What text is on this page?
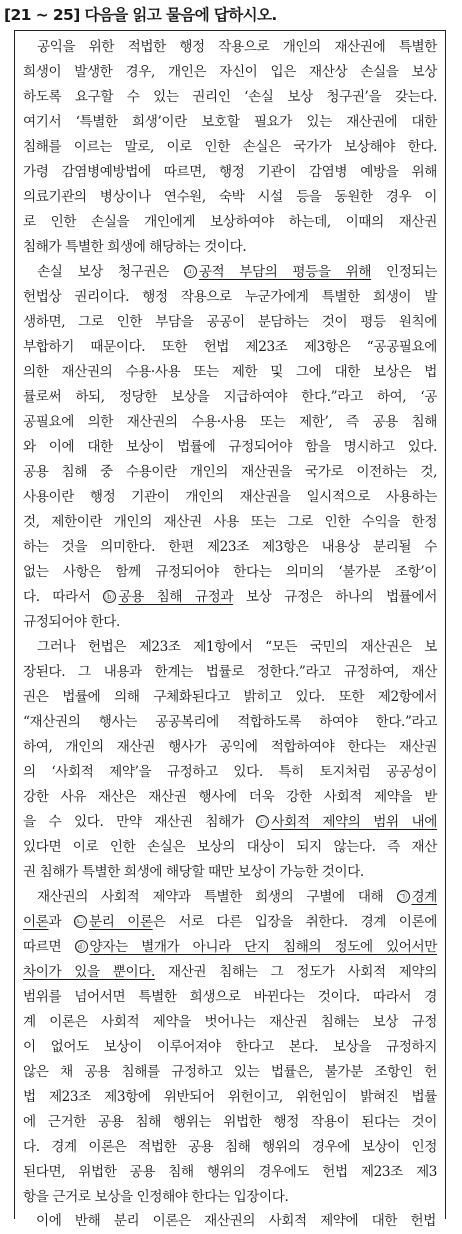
[21 ~ 25] 다음을 읽고 물음에 답하시오.
공익을 위한 적법한 행정 작용으로 개인의 재산권에 특별한
희생이 발생한 경우, 개인은 자신이 입은 재산상 손실을 보상
하도록 요구할 수 있는 권리인 ‘손실 보상 청구권’을 갖는다.
여기서 ‘특별한 희생’이란 보호할 필요가 있는 재산권에 대한
침해를 이르는 말로, 이로 인한 손실은 국가가 보상해야 한다.
가령 감염병예방법에 따르면, 행정 기관이 감염병 예방을 위해
의료기관의 병상이나 연수원, 숙박 시설 등을 동원한 경우 이
로 인한 손실을 개인에게 보상하여야 하는데, 이때의 재산권
침해가 특별한 희생에 해당하는 것이다.
손실 보상 청구권은 ⓐ 공적 부담의 평등을 위해 인정되는
헌법상 권리이다. 행정 작용으로 누군가에게 특별한 희생이 발
생하면, 그로 인한 부담을 공공이 분담하는 것이 평등 원칙에
부합하기 때문이다. 또한 헌법 제23조 제3항은 “공공필요에
의한 재산권의 수용·사용 또는 제한 및 그에 대한 보상은 법
률로써 하되, 정당한 보상을 지급하여야 한다.”라고 하여, ‘공
공필요에 의한 재산권의 수용·사용 또는 제한’, 즉 공용 침해
와 이에 대한 보상이 법률에 규정되어야 함을 명시하고 있다.
공용 침해 중 수용이란 개인의 재산권을 국가로 이전하는 것,
사용이란 행정 기관이 개인의 재산권을 일시적으로 사용하는
것, 제한이란 개인의 재산권 사용 또는 그로 인한 수익을 한정
하는 것을 의미한다. 한편 제23조 제3항은 내용상 분리될 수
없는 사항은 함께 규정되어야 한다는 의미의 ‘불가분 조항’이
다. 따라서 ⓑ 공용 침해 규정과 보상 규정은 하나의 법률에서
규정되어야 한다.
그러나 헌법은 제23조 제1항에서 “모든 국민의 재산권은 보
장된다. 그 내용과 한계는 법률로 정한다.”라고 규정하여, 재산
권은 법률에 의해 구체화된다고 밝히고 있다. 또한 제2항에서
“재산권의 행사는 공공복리에 적합하도록 하여야 한다.”라고
하여, 개인의 재산권 행사가 공익에 적합하여야 한다는 재산권
의 ‘사회적 제약’을 규정하고 있다. 특히 토지처럼 공공성이
강한 사유 재산은 재산권 행사에 더욱 강한 사회적 제약을 받
을 수 있다. 만약 재산권 침해가 ⓒ 사회적 제약의 범위 내에
있다면 이로 인한 손실은 보상의 대상이 되지 않는다. 즉 재산
권 침해가 특별한 희생에 해당할 때만 보상이 가능한 것이다.
재산권의 사회적 제약과 특별한 희생의 구별에 대해 ㉠ 경계
이론과 ㉡ 분리 이론은 서로 다른 입장을 취한다. 경계 이론에
따르면 ⓓ 양자는 별개가 아니라 단지 침해의 정도에 있어서만
차이가 있을 뿐이다. 재산권 침해는 그 정도가 사회적 제약의
범위를 넘어서면 특별한 희생으로 바뀐다는 것이다. 따라서 경
계 이론은 사회적 제약을 벗어나는 재산권 침해는 보상 규정
이 없어도 보상이 이루어져야 한다고 본다. 보상을 규정하지
않은 채 공용 침해를 규정하고 있는 법률은, 불가분 조항인 헌
법 제23조 제3항에 위반되어 위헌이고, 위헌임이 밝혀진 법률
에 근거한 공용 침해 행위는 위법한 행정 작용이 된다는 것이
다. 경계 이론은 적법한 공용 침해 행위의 경우에 보상이 인정
된다면, 위법한 공용 침해 행위의 경우에도 헌법 제23조 제3
항을 근거로 보상을 인정해야 한다는 입장이다.
이에 반해 분리 이론은 재산권의 사회적 제약에 대한 헌법
